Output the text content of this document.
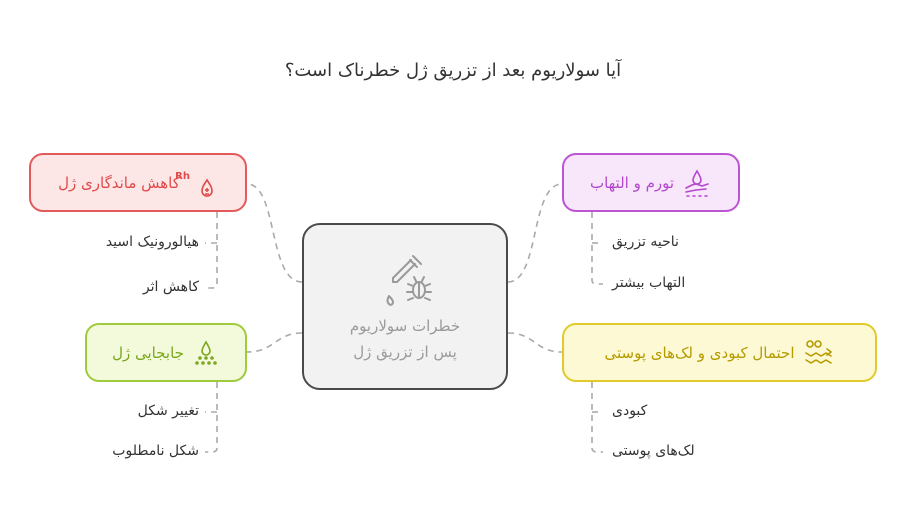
آیا سولاریوم بعد از تزریق ژل خطرناک است؟
خطرات سولاریوم
پس از تزریق ژل
Rh
کاهش ماندگاری ژل
هیالورونیک اسید
کاهش اثر
تورم و التهاب
ناحیه تزریق
التهاب بیشتر
جابجایی ژل
تغییر شکل
شکل نامطلوب
احتمال کبودی و لک‌های پوستی
کبودی
لک‌های پوستی
